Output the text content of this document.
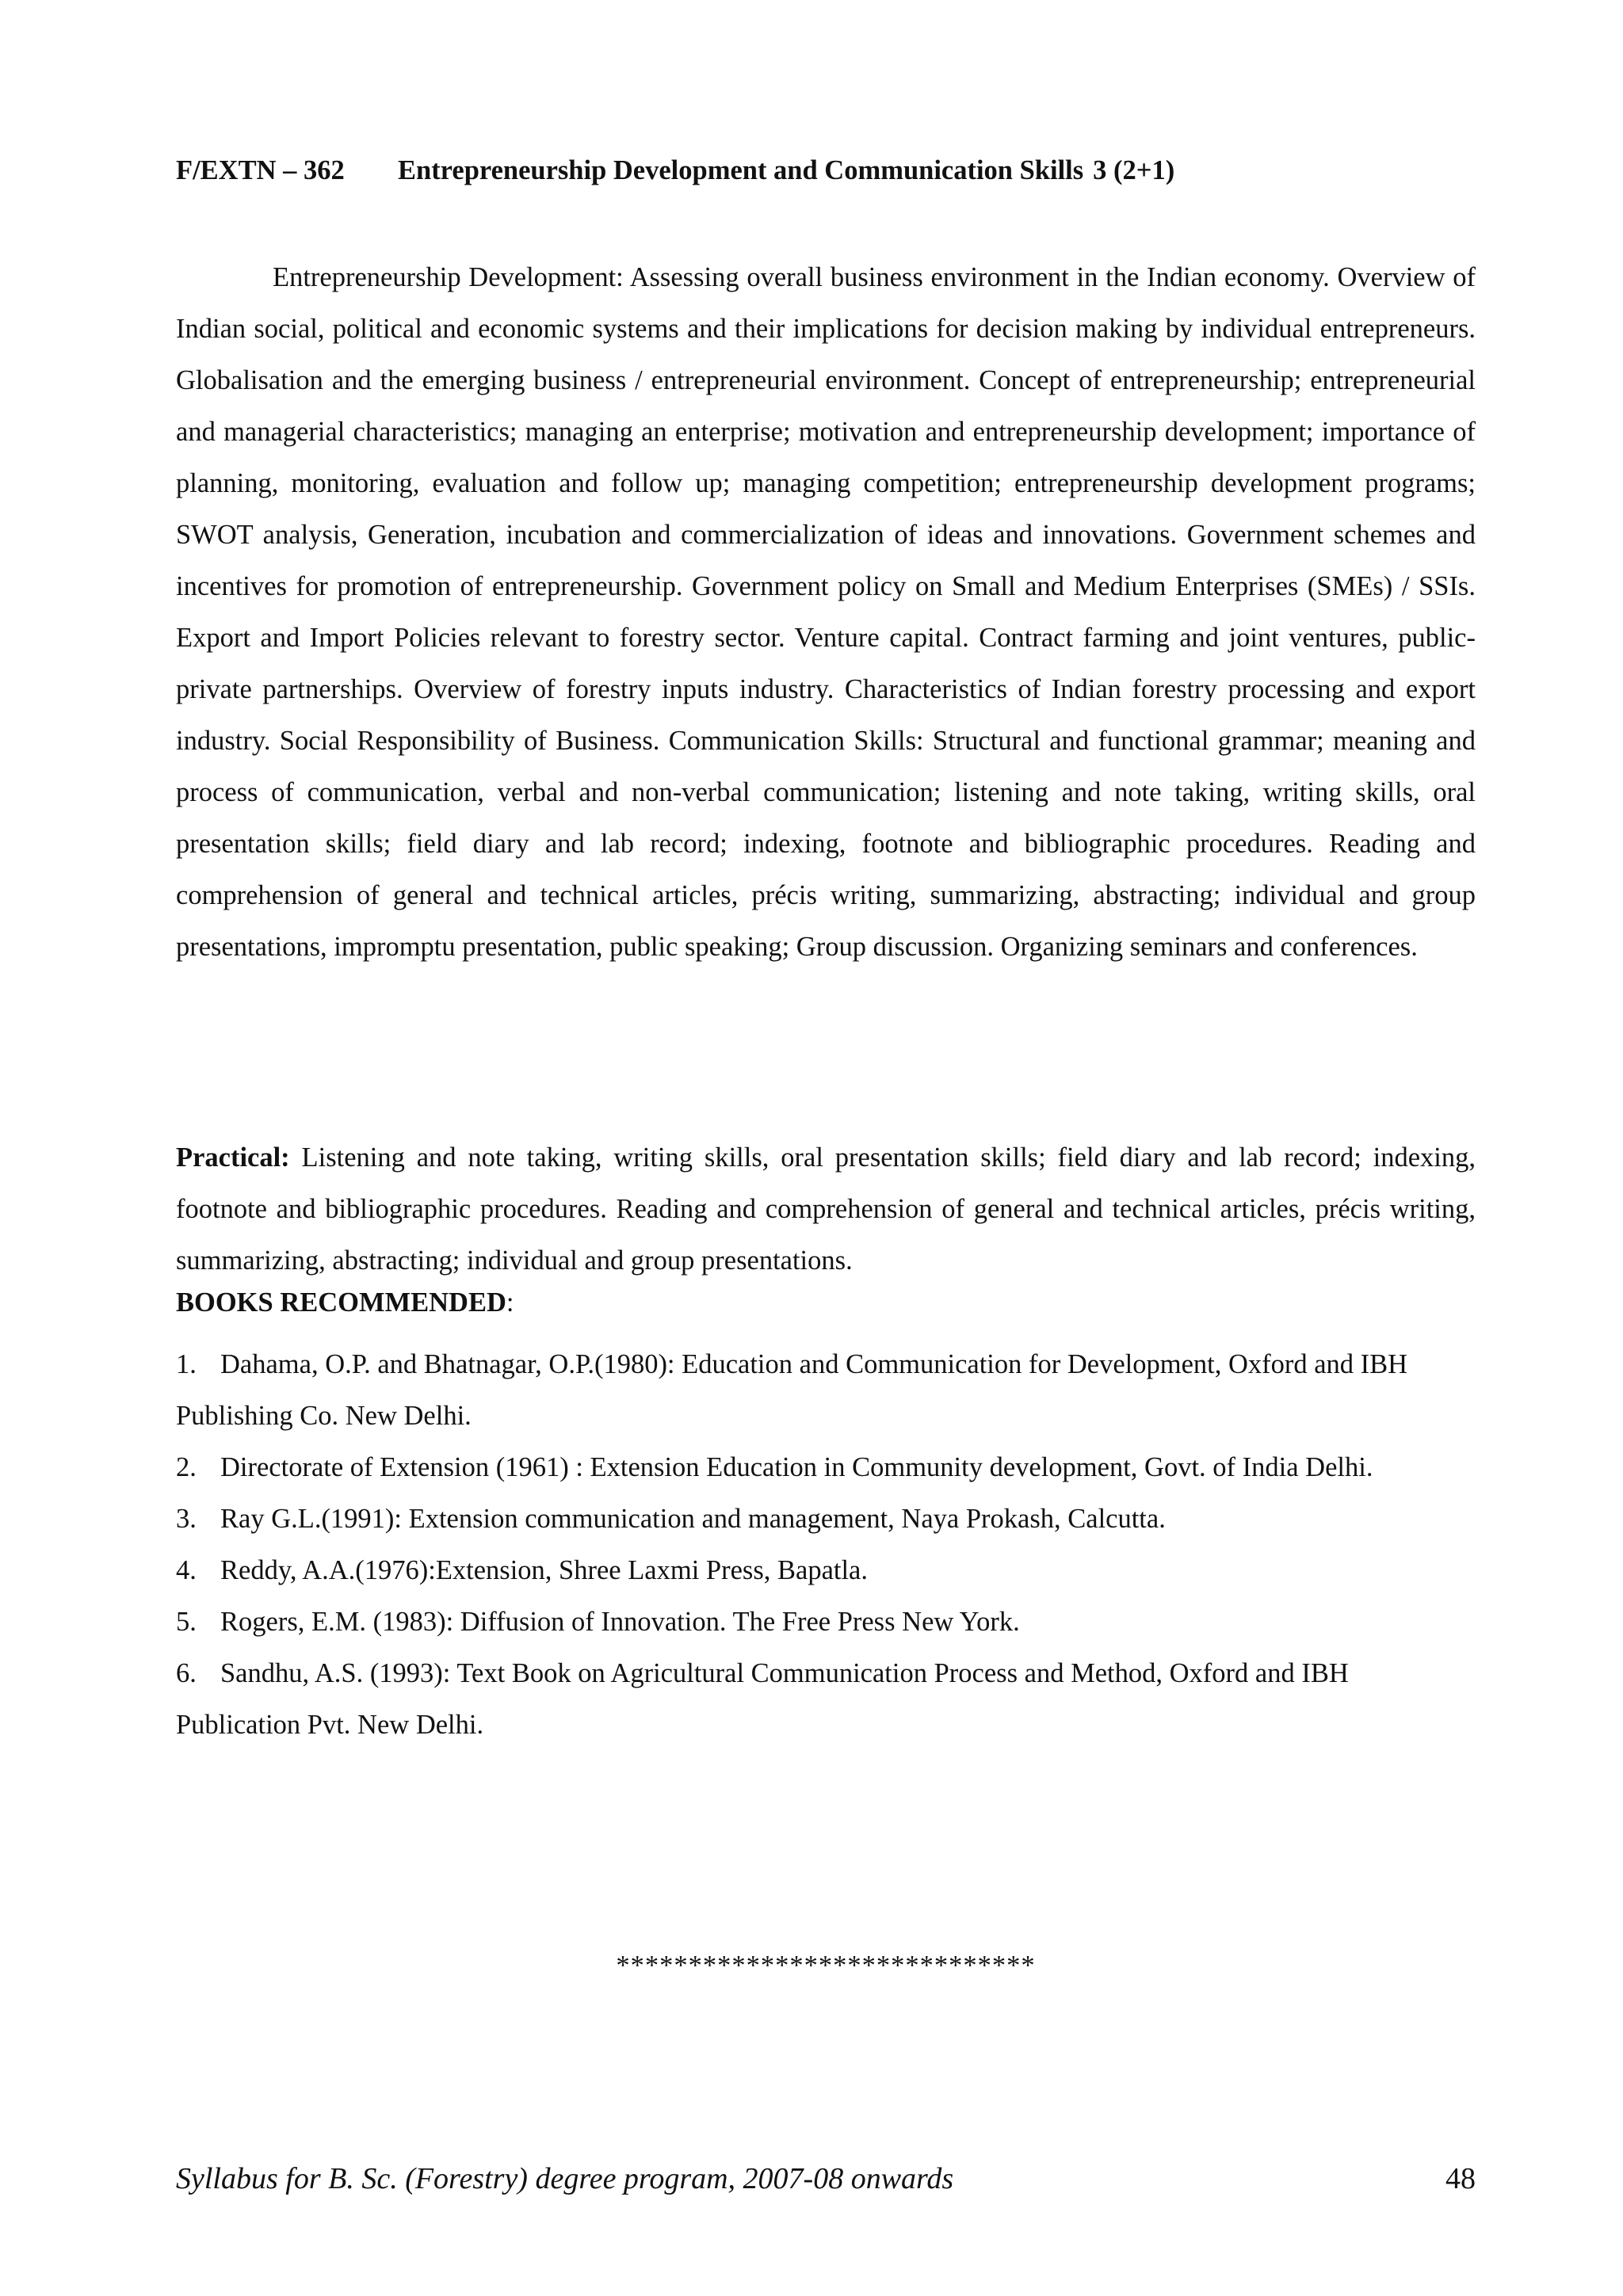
F/EXTN – 362 Entrepreneurship Development and Communication Skills 3 (2+1)

Entrepreneurship Development: Assessing overall business environment in the Indian economy. Overview of Indian social, political and economic systems and their implications for decision making by individual entrepreneurs. Globalisation and the emerging business / entrepreneurial environment. Concept of entrepreneurship; entrepreneurial and managerial characteristics; managing an enterprise; motivation and entrepreneurship development; importance of planning, monitoring, evaluation and follow up; managing competition; entrepreneurship development programs; SWOT analysis, Generation, incubation and commercialization of ideas and innovations. Government schemes and incentives for promotion of entrepreneurship. Government policy on Small and Medium Enterprises (SMEs) / SSIs. Export and Import Policies relevant to forestry sector. Venture capital. Contract farming and joint ventures, public-private partnerships. Overview of forestry inputs industry. Characteristics of Indian forestry processing and export industry. Social Responsibility of Business. Communication Skills: Structural and functional grammar; meaning and process of communication, verbal and non-verbal communication; listening and note taking, writing skills, oral presentation skills; field diary and lab record; indexing, footnote and bibliographic procedures. Reading and comprehension of general and technical articles, précis writing, summarizing, abstracting; individual and group presentations, impromptu presentation, public speaking; Group discussion. Organizing seminars and conferences.

Practical: Listening and note taking, writing skills, oral presentation skills; field diary and lab record; indexing, footnote and bibliographic procedures. Reading and comprehension of general and technical articles, précis writing, summarizing, abstracting; individual and group presentations.

BOOKS RECOMMENDED:
1. Dahama, O.P. and Bhatnagar, O.P.(1980): Education and Communication for Development, Oxford and IBH Publishing Co. New Delhi.
2. Directorate of Extension (1961) : Extension Education in Community development, Govt. of India Delhi.
3. Ray G.L.(1991): Extension communication and management, Naya Prokash, Calcutta.
4. Reddy, A.A.(1976):Extension, Shree Laxmi Press, Bapatla.
5. Rogers, E.M. (1983): Diffusion of Innovation. The Free Press New York.
6. Sandhu, A.S. (1993): Text Book on Agricultural Communication Process and Method, Oxford and IBH Publication Pvt. New Delhi.
*****************************
Syllabus for B. Sc. (Forestry) degree program, 2007-08 onwards	48
